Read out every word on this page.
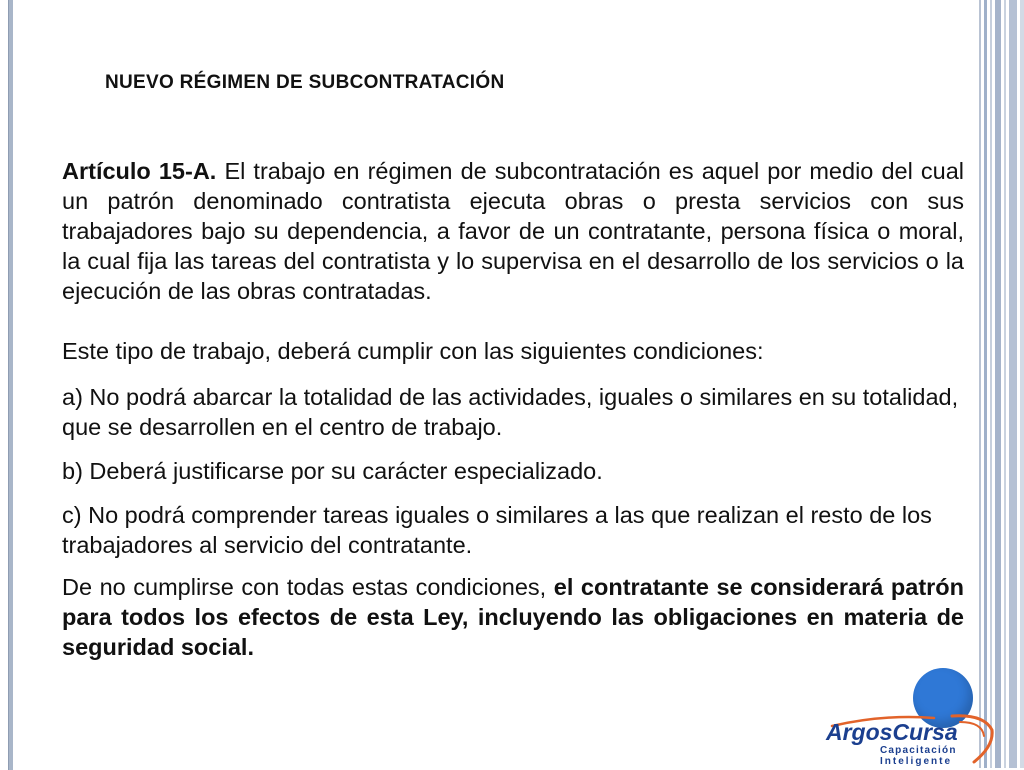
NUEVO RÉGIMEN DE SUBCONTRATACIÓN

Artículo 15-A. El trabajo en régimen de subcontratación es aquel por medio del cual un patrón denominado contratista ejecuta obras o presta servicios con sus trabajadores bajo su dependencia, a favor de un contratante, persona física o moral, la cual fija las tareas del contratista y lo supervisa en el desarrollo de los servicios o la ejecución de las obras contratadas.

Este tipo de trabajo, deberá cumplir con las siguientes condiciones:

a) No podrá abarcar la totalidad de las actividades, iguales o similares en su totalidad, que se desarrollen en el centro de trabajo.

b) Deberá justificarse por su carácter especializado.

c) No podrá comprender tareas iguales o similares a las que realizan el resto de los trabajadores al servicio del contratante.

De no cumplirse con todas estas condiciones, el contratante se considerará patrón para todos los efectos de esta Ley, incluyendo las obligaciones en materia de seguridad social.

ArgosCursa
Capacitación
Inteligente
